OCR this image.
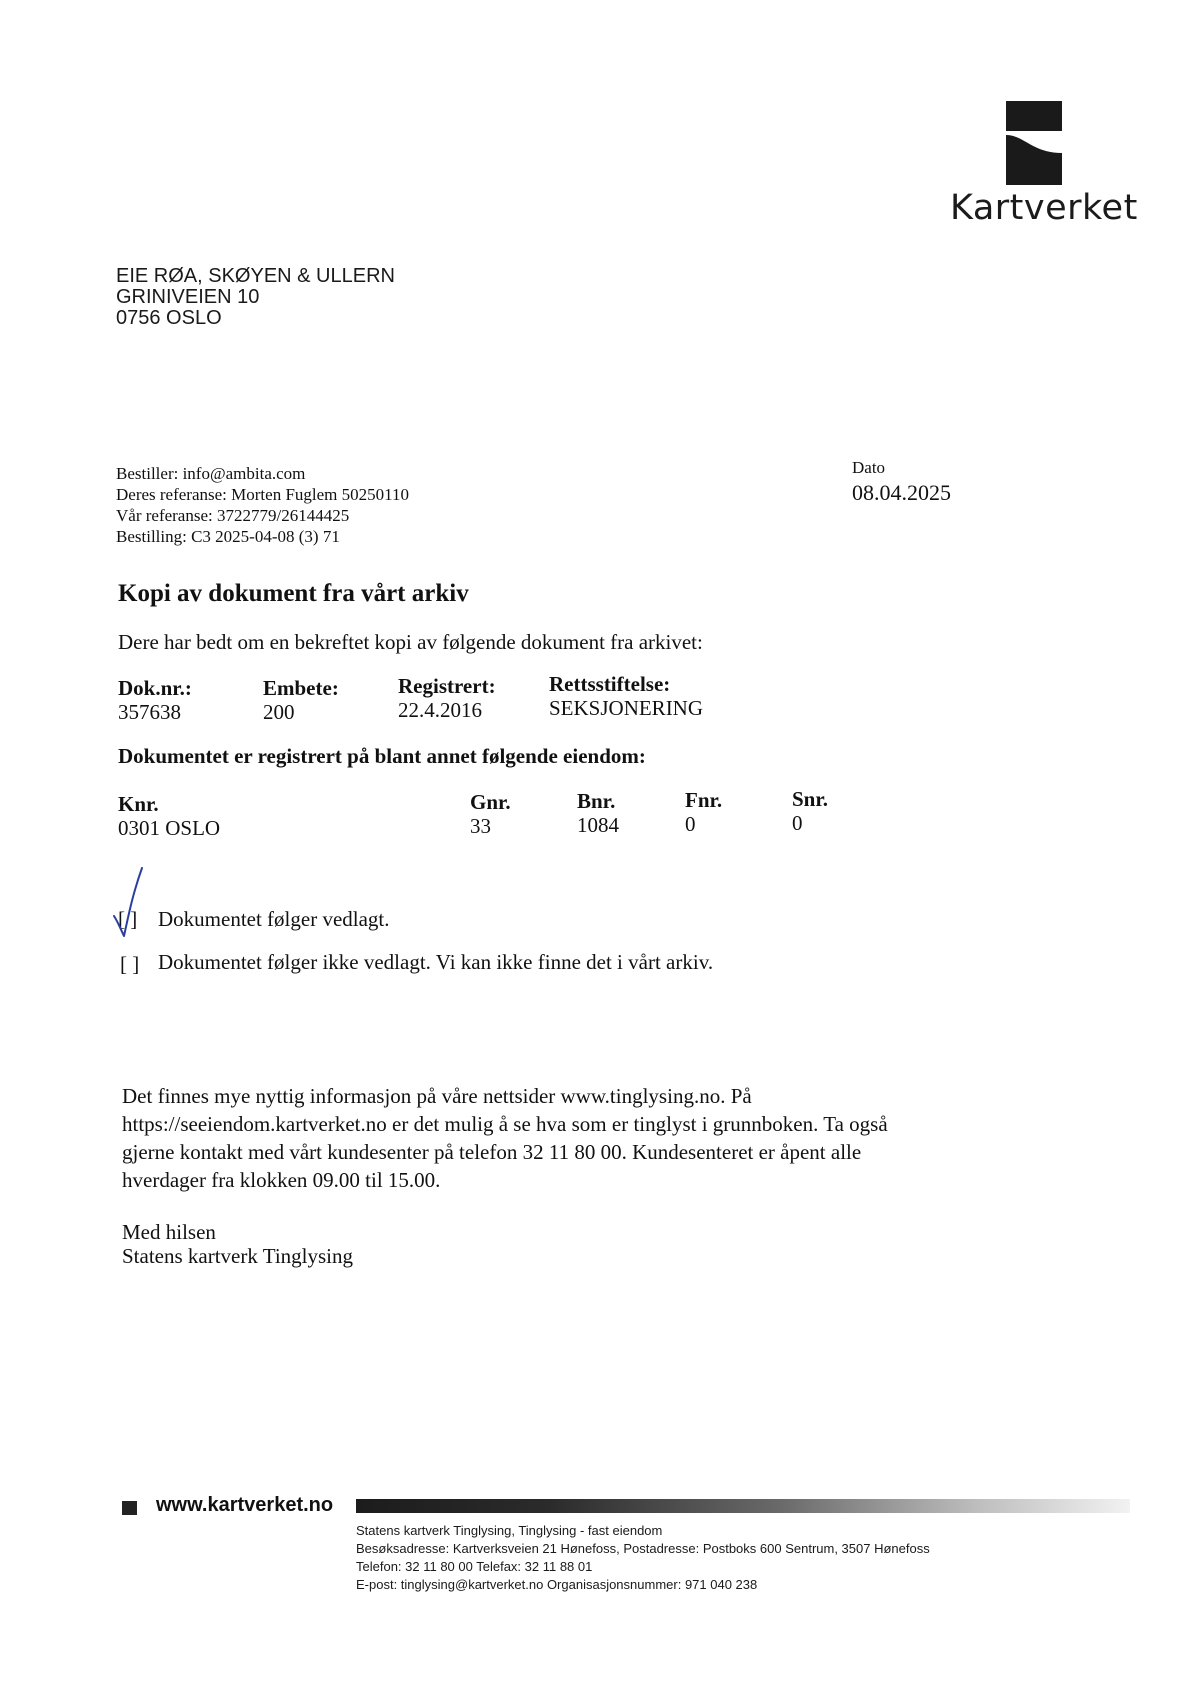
Kartverket
EIE RØA, SKØYEN & ULLERN
GRINIVEIEN 10
0756 OSLO
Bestiller: info@ambita.com
Deres referanse: Morten Fuglem 50250110
Vår referanse: 3722779/26144425
Bestilling: C3 2025-04-08 (3) 71
Dato
08.04.2025
Kopi av dokument fra vårt arkiv
Dere har bedt om en bekreftet kopi av følgende dokument fra arkivet:
Dok.nr.:	Embete:	Registrert:	Rettsstiftelse:
357638	200	22.4.2016	SEKSJONERING
Dokumentet er registrert på blant annet følgende eiendom:
Knr.	Gnr.	Bnr.	Fnr.	Snr.
0301 OSLO	33	1084	0	0
[ ] Dokumentet følger vedlagt.
[ ] Dokumentet følger ikke vedlagt. Vi kan ikke finne det i vårt arkiv.

Det finnes mye nyttig informasjon på våre nettsider www.tinglysing.no. På

https://seeiendom.kartverket.no er det mulig å se hva som er tinglyst i grunnboken. Ta også

gjerne kontakt med vårt kundesenter på telefon 32 11 80 00. Kundesenteret er åpent alle

hverdager fra klokken 09.00 til 15.00.

Med hilsen
Statens kartverk Tinglysing
www.kartverket.no
Statens kartverk Tinglysing, Tinglysing - fast eiendom
Besøksadresse: Kartverksveien 21 Hønefoss, Postadresse: Postboks 600 Sentrum, 3507 Hønefoss
Telefon: 32 11 80 00 Telefax: 32 11 88 01
E-post: tinglysing@kartverket.no Organisasjonsnummer: 971 040 238
